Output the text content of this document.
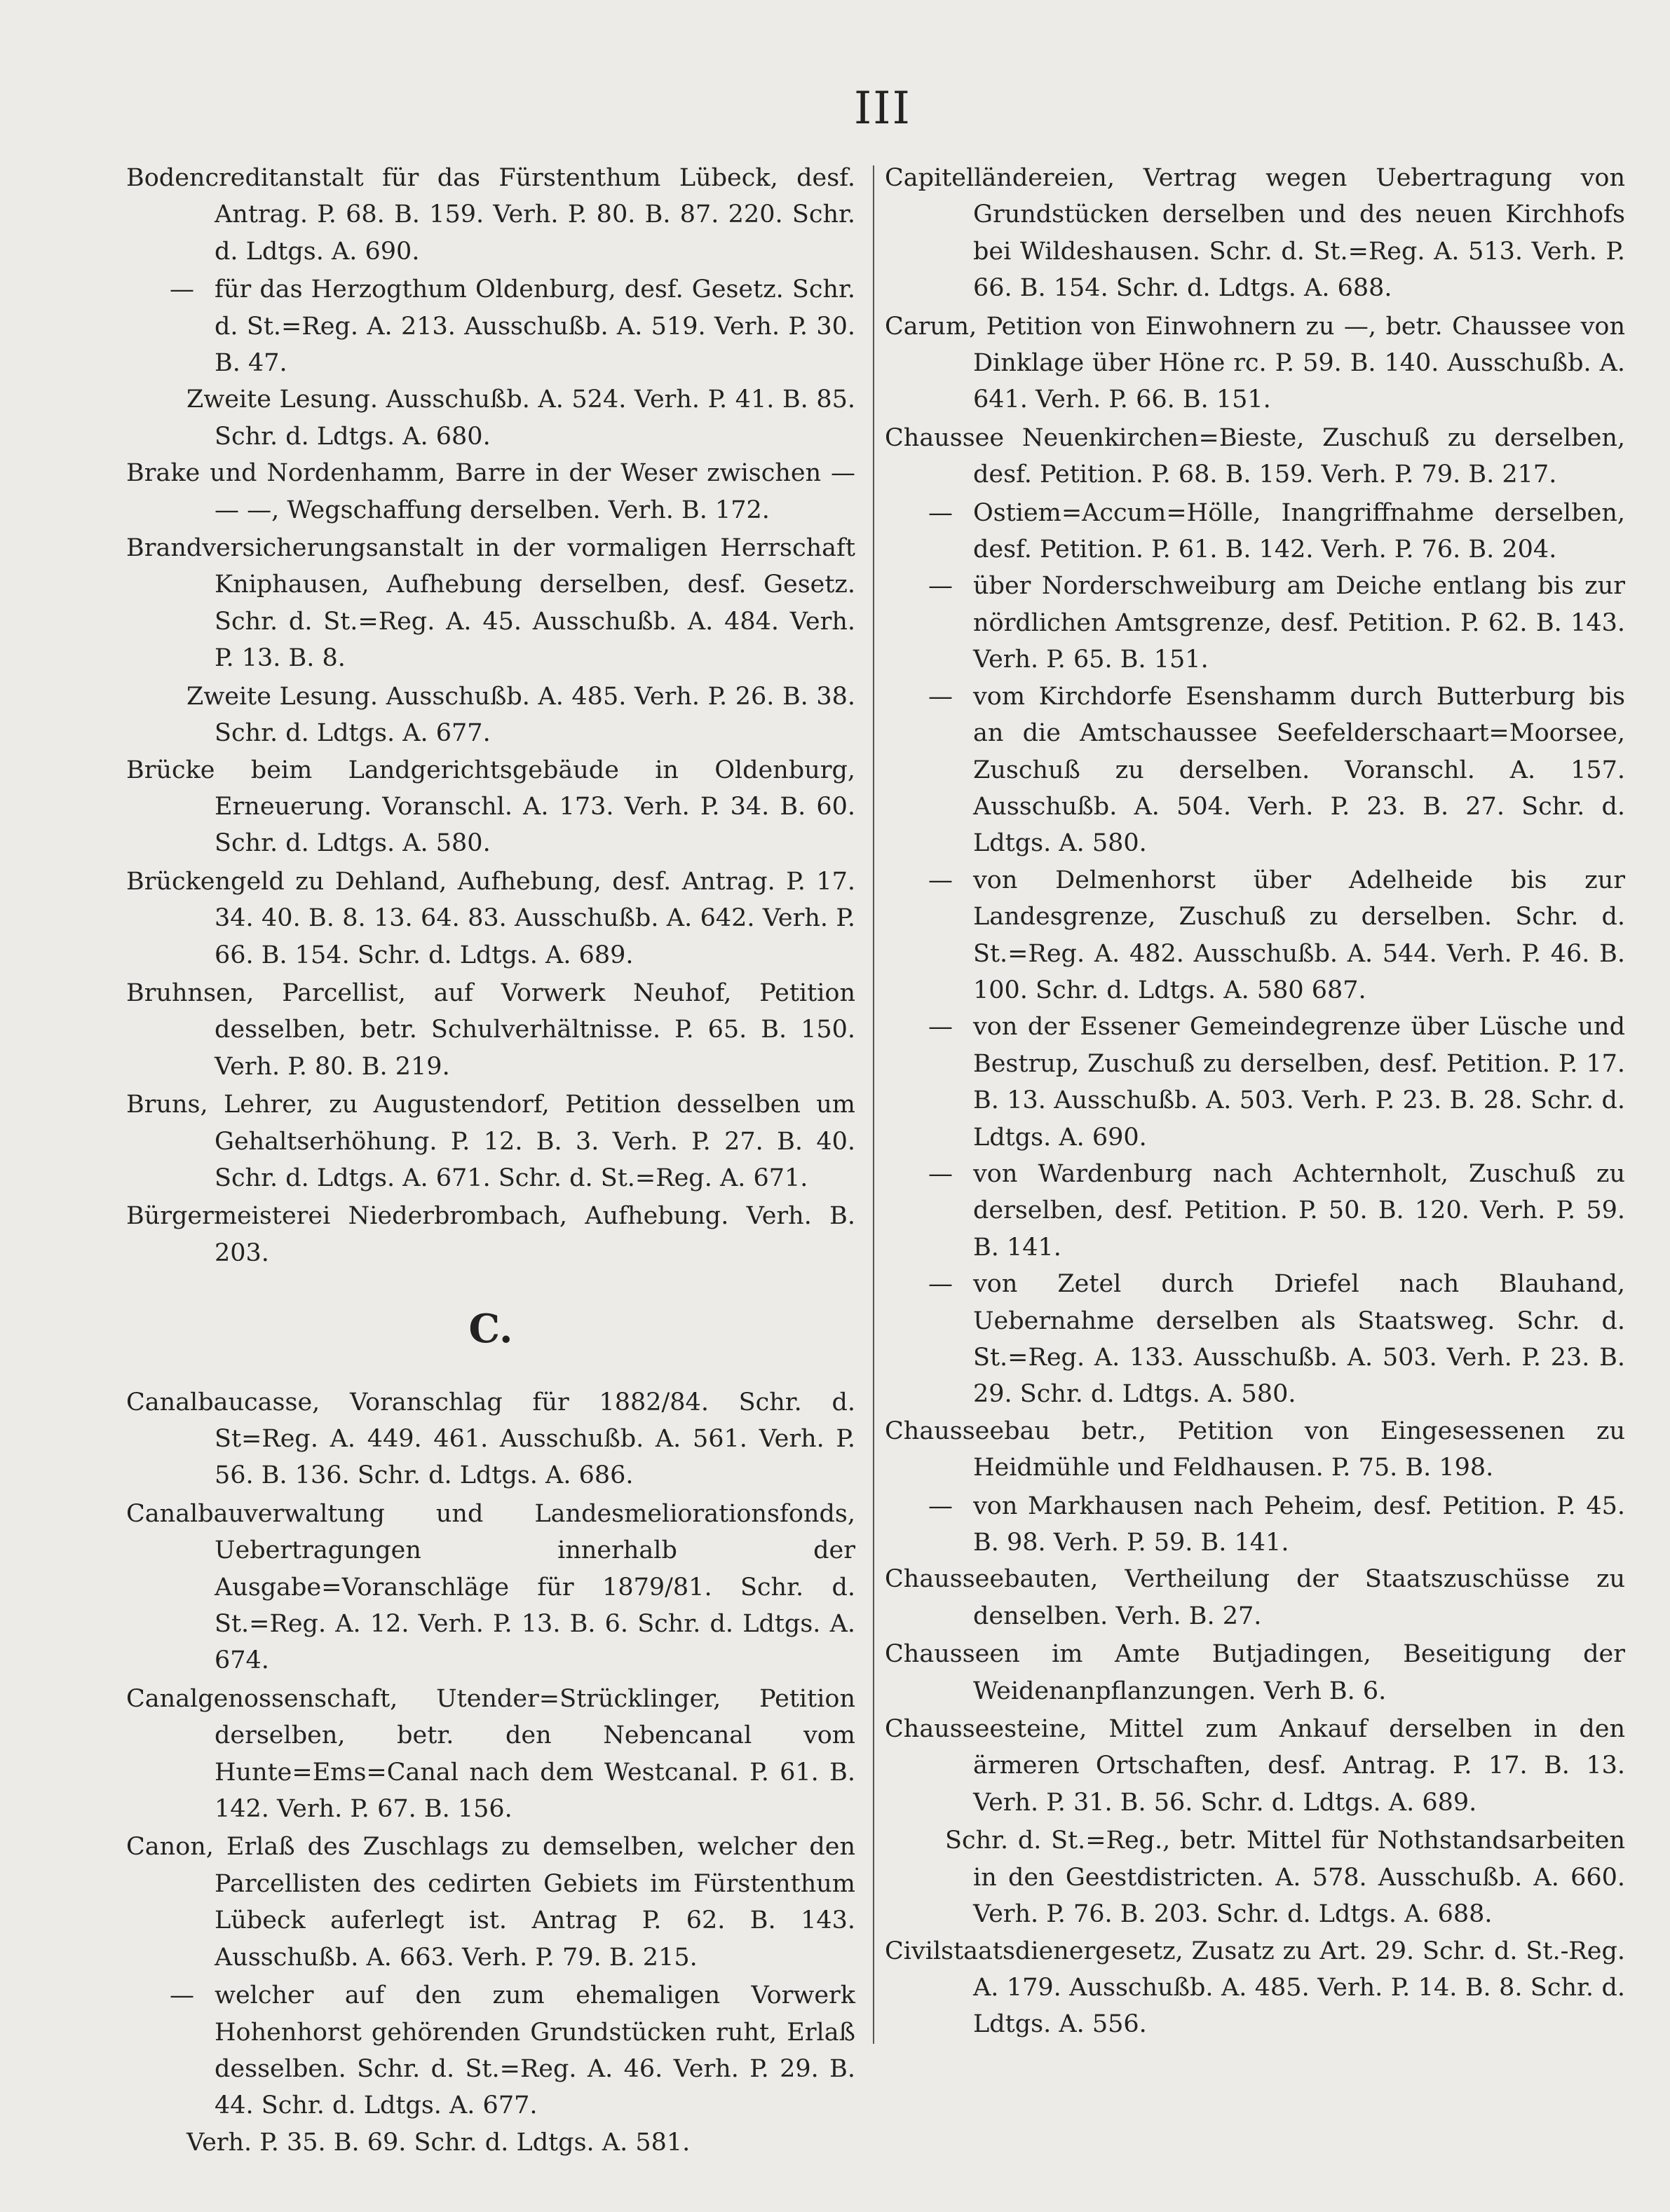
III
Bodencreditanstalt für das Fürstenthum Lübeck, desf. Antrag. P. 68. B. 159. Verh. P. 80. B. 87. 220. Schr. d. Ldtgs. A. 690.
— für das Herzogthum Oldenburg, desf. Gesetz. Schr. d. St.=Reg. A. 213. Ausschußb. A. 519. Verh. P. 30. B. 47.
Zweite Lesung. Ausschußb. A. 524. Verh. P. 41. B. 85. Schr. d. Ldtgs. A. 680.
Brake und Nordenhamm, Barre in der Weser zwischen — — —, Wegschaffung derselben. Verh. B. 172.
Brandversicherungsanstalt in der vormaligen Herrschaft Kniphausen, Aufhebung derselben, desf. Gesetz. Schr. d. St.=Reg. A. 45. Ausschußb. A. 484. Verh. P. 13. B. 8.
Zweite Lesung. Ausschußb. A. 485. Verh. P. 26. B. 38. Schr. d. Ldtgs. A. 677.
Brücke beim Landgerichtsgebäude in Oldenburg, Erneuerung. Voranschl. A. 173. Verh. P. 34. B. 60. Schr. d. Ldtgs. A. 580.
Brückengeld zu Dehland, Aufhebung, desf. Antrag. P. 17. 34. 40. B. 8. 13. 64. 83. Ausschußb. A. 642. Verh. P. 66. B. 154. Schr. d. Ldtgs. A. 689.
Bruhnsen, Parcellist, auf Vorwerk Neuhof, Petition desselben, betr. Schulverhältnisse. P. 65. B. 150. Verh. P. 80. B. 219.
Bruns, Lehrer, zu Augustendorf, Petition desselben um Gehaltserhöhung. P. 12. B. 3. Verh. P. 27. B. 40. Schr. d. Ldtgs. A. 671. Schr. d. St.=Reg. A. 671.
Bürgermeisterei Niederbrombach, Aufhebung. Verh. B. 203.
C.
Canalbaucasse, Voranschlag für 1882/84. Schr. d. St=Reg. A. 449. 461. Ausschußb. A. 561. Verh. P. 56. B. 136. Schr. d. Ldtgs. A. 686.
Canalbauverwaltung und Landesmeliorationsfonds, Uebertragungen innerhalb der Ausgabe=Voranschläge für 1879/81. Schr. d. St.=Reg. A. 12. Verh. P. 13. B. 6. Schr. d. Ldtgs. A. 674.
Canalgenossenschaft, Utender=Strücklinger, Petition derselben, betr. den Nebencanal vom Hunte=Ems=Canal nach dem Westcanal. P. 61. B. 142. Verh. P. 67. B. 156.
Canon, Erlaß des Zuschlags zu demselben, welcher den Parcellisten des cedirten Gebiets im Fürstenthum Lübeck auferlegt ist. Antrag P. 62. B. 143. Ausschußb. A. 663. Verh. P. 79. B. 215.
— welcher auf den zum ehemaligen Vorwerk Hohenhorst gehörenden Grundstücken ruht, Erlaß desselben. Schr. d. St.=Reg. A. 46. Verh. P. 29. B. 44. Schr. d. Ldtgs. A. 677.
Verh. P. 35. B. 69. Schr. d. Ldtgs. A. 581.
Capitelländereien, Vertrag wegen Uebertragung von Grundstücken derselben und des neuen Kirchhofs bei Wildeshausen. Schr. d. St.=Reg. A. 513. Verh. P. 66. B. 154. Schr. d. Ldtgs. A. 688.
Carum, Petition von Einwohnern zu —, betr. Chaussee von Dinklage über Höne rc. P. 59. B. 140. Ausschußb. A. 641. Verh. P. 66. B. 151.
Chaussee Neuenkirchen=Bieste, Zuschuß zu derselben, desf. Petition. P. 68. B. 159. Verh. P. 79. B. 217.
— Ostiem=Accum=Hölle, Inangriffnahme derselben, desf. Petition. P. 61. B. 142. Verh. P. 76. B. 204.
— über Norderschweiburg am Deiche entlang bis zur nördlichen Amtsgrenze, desf. Petition. P. 62. B. 143. Verh. P. 65. B. 151.
— vom Kirchdorfe Esenshamm durch Butterburg bis an die Amtschaussee Seefelderschaart=Moorsee, Zuschuß zu derselben. Voranschl. A. 157. Ausschußb. A. 504. Verh. P. 23. B. 27. Schr. d. Ldtgs. A. 580.
— von Delmenhorst über Adelheide bis zur Landesgrenze, Zuschuß zu derselben. Schr. d. St.=Reg. A. 482. Ausschußb. A. 544. Verh. P. 46. B. 100. Schr. d. Ldtgs. A. 580 687.
— von der Essener Gemeindegrenze über Lüsche und Bestrup, Zuschuß zu derselben, desf. Petition. P. 17. B. 13. Ausschußb. A. 503. Verh. P. 23. B. 28. Schr. d. Ldtgs. A. 690.
— von Wardenburg nach Achternholt, Zuschuß zu derselben, desf. Petition. P. 50. B. 120. Verh. P. 59. B. 141.
— von Zetel durch Driefel nach Blauhand, Uebernahme derselben als Staatsweg. Schr. d. St.=Reg. A. 133. Ausschußb. A. 503. Verh. P. 23. B. 29. Schr. d. Ldtgs. A. 580.
Chausseebau betr., Petition von Eingesessenen zu Heidmühle und Feldhausen. P. 75. B. 198.
— von Markhausen nach Peheim, desf. Petition. P. 45. B. 98. Verh. P. 59. B. 141.
Chausseebauten, Vertheilung der Staatszuschüsse zu denselben. Verh. B. 27.
Chausseen im Amte Butjadingen, Beseitigung der Weidenanpflanzungen. Verh B. 6.
Chausseesteine, Mittel zum Ankauf derselben in den ärmeren Ortschaften, desf. Antrag. P. 17. B. 13. Verh. P. 31. B. 56. Schr. d. Ldtgs. A. 689.
Schr. d. St.=Reg., betr. Mittel für Nothstandsarbeiten in den Geestdistricten. A. 578. Ausschußb. A. 660. Verh. P. 76. B. 203. Schr. d. Ldtgs. A. 688.
Civilstaatsdienergesetz, Zusatz zu Art. 29. Schr. d. St.-Reg. A. 179. Ausschußb. A. 485. Verh. P. 14. B. 8. Schr. d. Ldtgs. A. 556.
